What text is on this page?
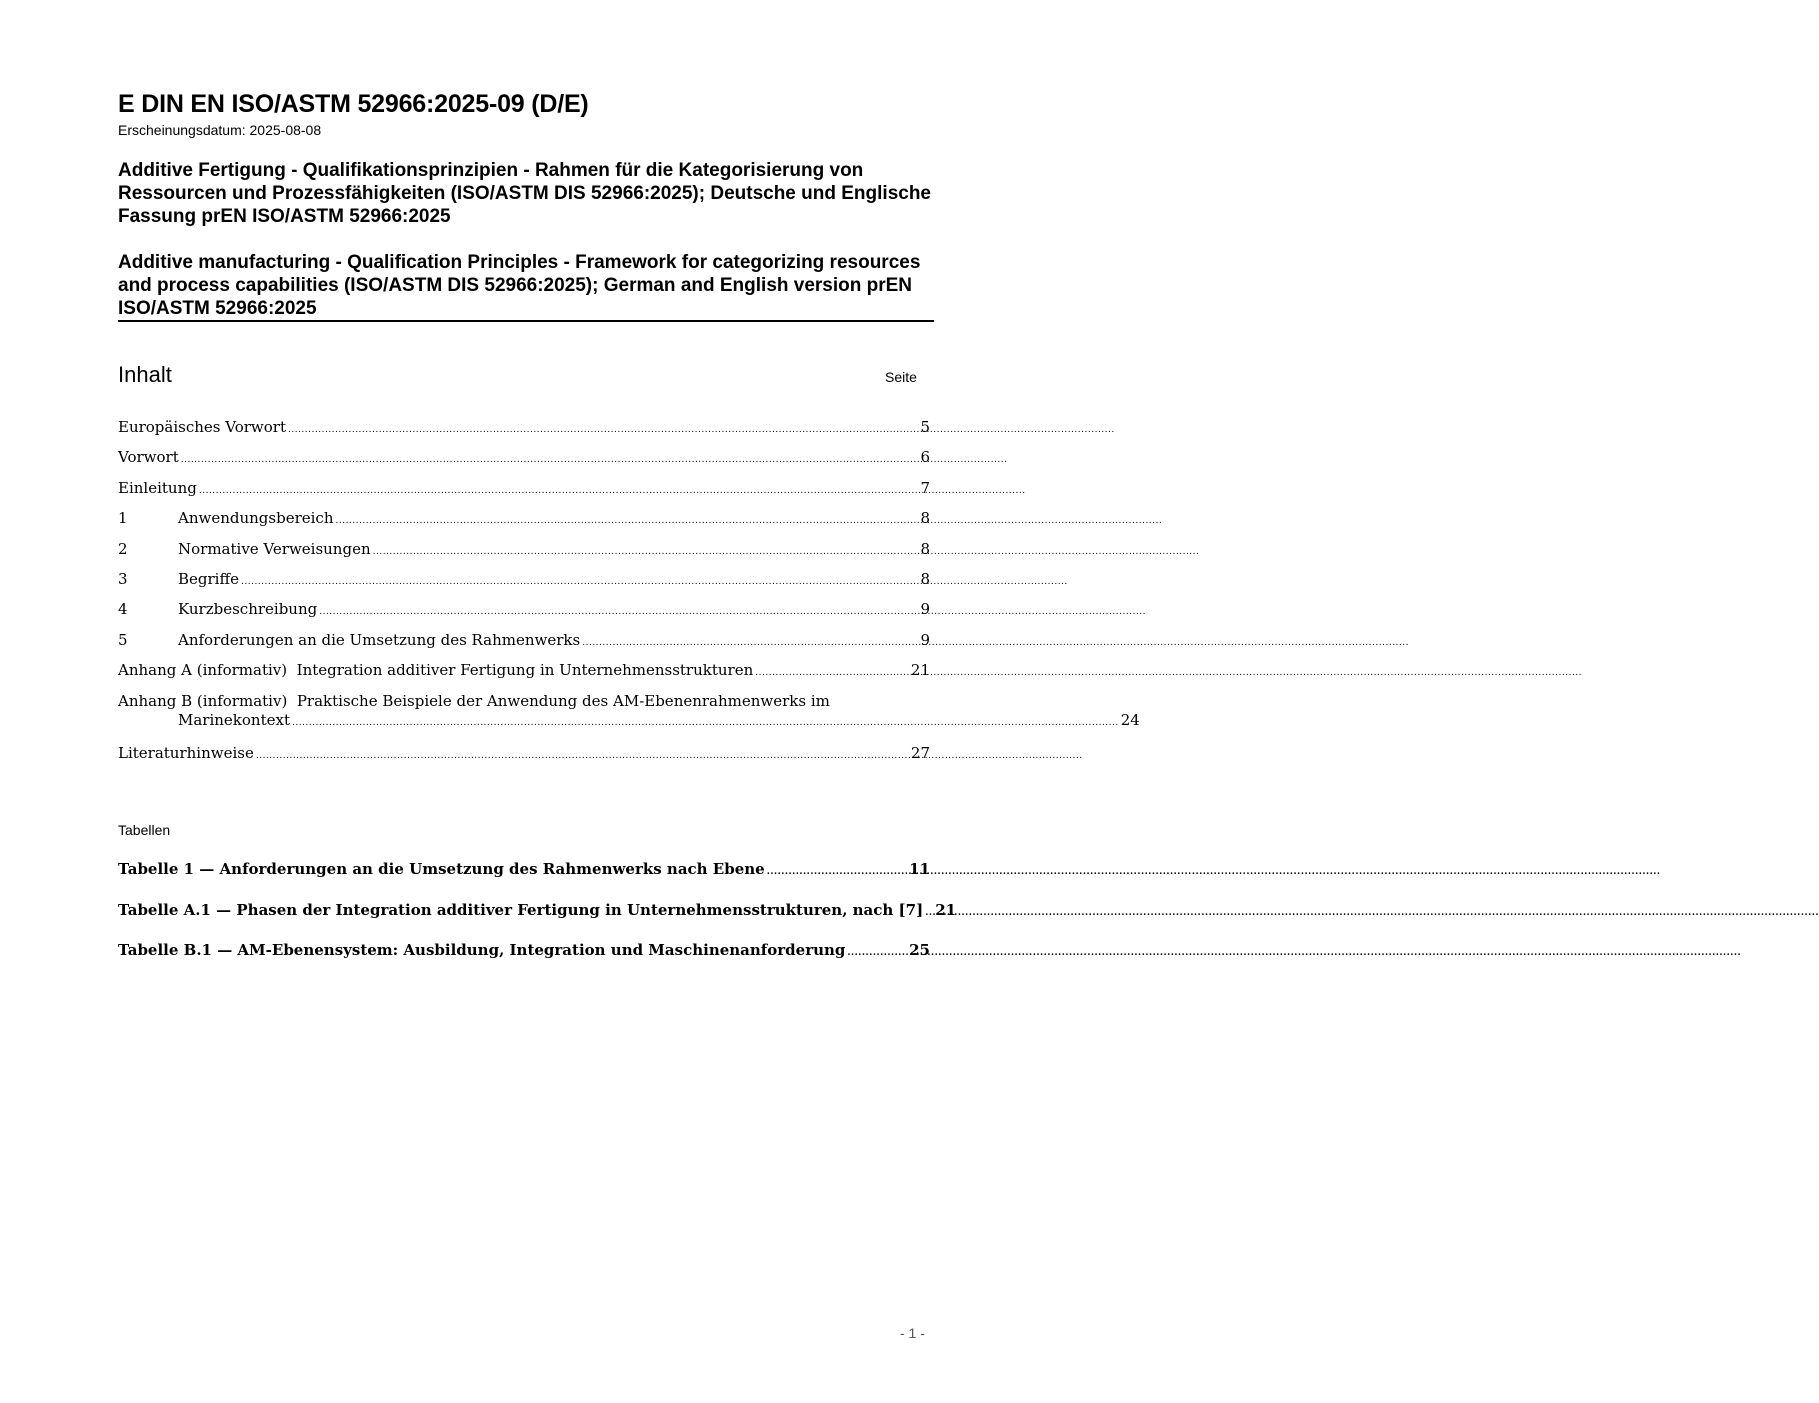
E DIN EN ISO/ASTM 52966:2025-09 (D/E)
Erscheinungsdatum: 2025-08-08
Additive Fertigung - Qualifikationsprinzipien - Rahmen für die Kategorisierung von Ressourcen und Prozessfähigkeiten (ISO/ASTM DIS 52966:2025); Deutsche und Englische Fassung prEN ISO/ASTM 52966:2025
Additive manufacturing - Qualification Principles - Framework for categorizing resources and process capabilities (ISO/ASTM DIS 52966:2025); German and English version prEN ISO/ASTM 52966:2025
Inhalt	Seite
Europäisches Vorwort .....	5
Vorwort .....	6
Einleitung .....	7
1	Anwendungsbereich .....	8
2	Normative Verweisungen .....	8
3	Begriffe .....	8
4	Kurzbeschreibung .....	9
5	Anforderungen an die Umsetzung des Rahmenwerks .....	9
Anhang A (informativ)  Integration additiver Fertigung in Unternehmensstrukturen .....	21
Anhang B (informativ)  Praktische Beispiele der Anwendung des AM-Ebenenrahmenwerks im
Marinekontext .....	24
Literaturhinweise .....	27
Tabellen
Tabelle 1 — Anforderungen an die Umsetzung des Rahmenwerks nach Ebene .....	11
Tabelle A.1 — Phasen der Integration additiver Fertigung in Unternehmensstrukturen, nach [7] ..... 21
Tabelle B.1 — AM-Ebenensystem: Ausbildung, Integration und Maschinenanforderung .....	25
- 1 -
